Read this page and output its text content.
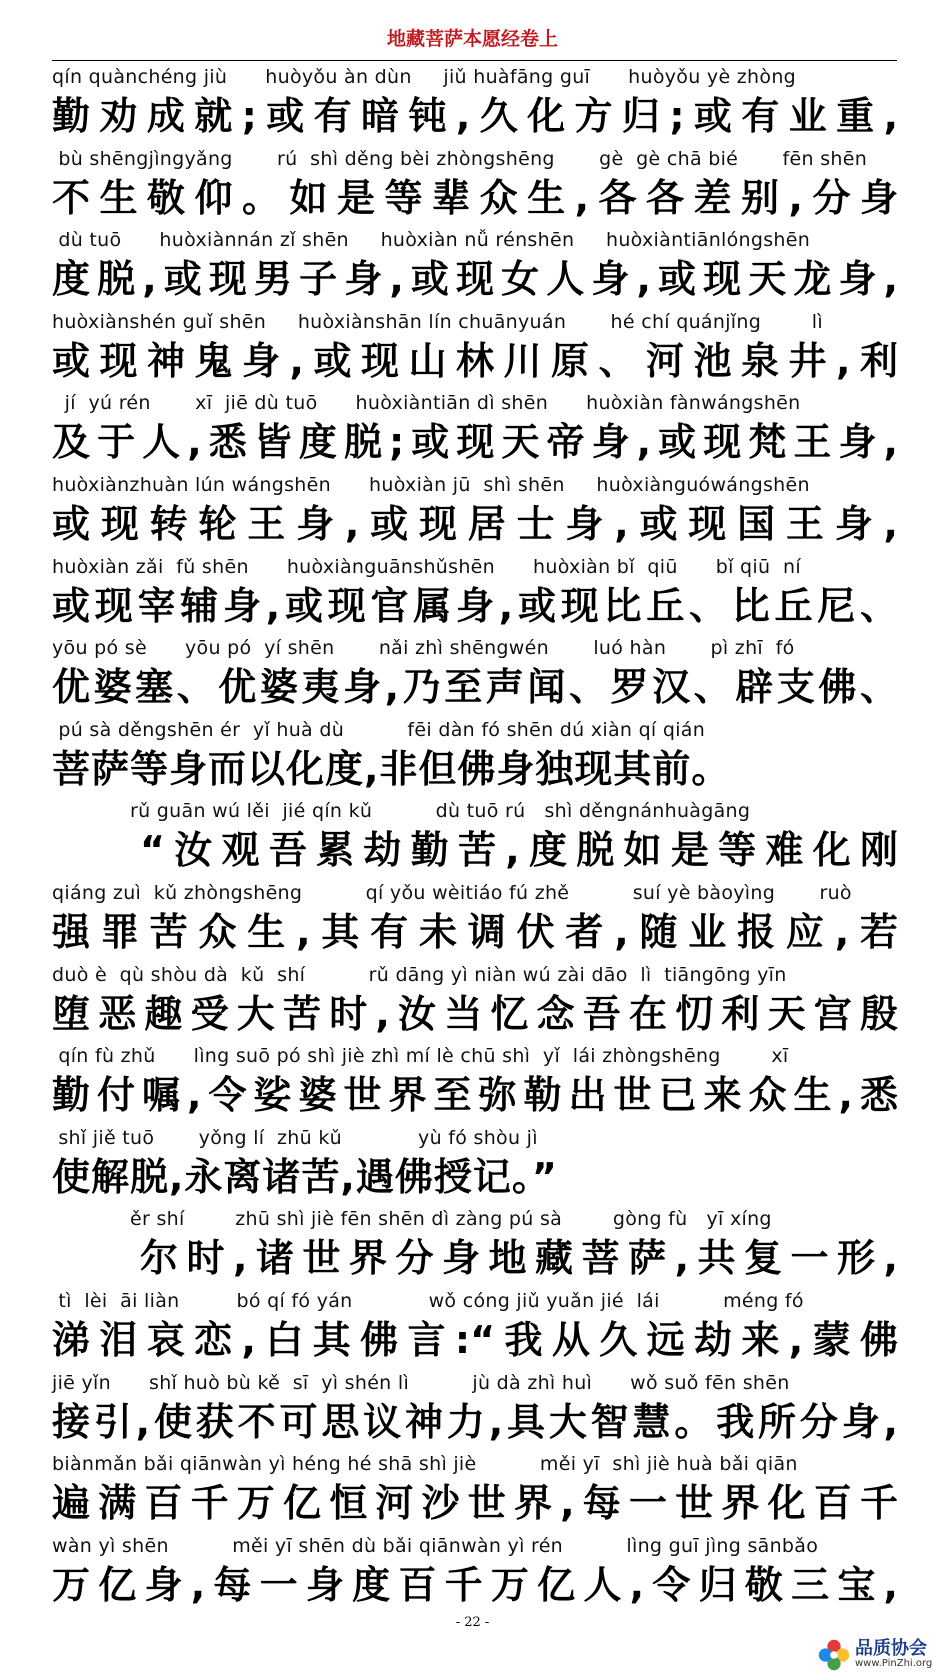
地藏菩萨本愿经卷上
qín quànchéng jiù      huòyǒu àn dùn     jiǔ huàfāng guī      huòyǒu yè zhòng
勤劝成就;或有暗钝,久化方归;或有业重,
bù shēngjìngyǎng       rú  shì děng bèi zhòngshēng       gè  gè chā bié       fēn shēn
不生敬仰。如是等辈众生,各各差别,分身
dù tuō      huòxiànnán zǐ shēn     huòxiàn nǚ rénshēn     huòxiàntiānlóngshēn
度脱,或现男子身,或现女人身,或现天龙身,
huòxiànshén guǐ shēn     huòxiànshān lín chuānyuán       hé chí quánjǐng        lì
或现神鬼身,或现山林川原、河池泉井,利
jí  yú rén       xī  jiē dù tuō      huòxiàntiān dì shēn      huòxiàn fànwángshēn
及于人,悉皆度脱;或现天帝身,或现梵王身,
huòxiànzhuàn lún wángshēn      huòxiàn jū  shì shēn     huòxiànguówángshēn
或现转轮王身,或现居士身,或现国王身,
huòxiàn zǎi  fǔ shēn      huòxiànguānshǔshēn      huòxiàn bǐ  qiū      bǐ qiū  ní
或现宰辅身,或现官属身,或现比丘、比丘尼、
yōu pó sè      yōu pó  yí shēn       nǎi zhì shēngwén       luó hàn       pì zhī  fó
优婆塞、优婆夷身,乃至声闻、罗汉、辟支佛、
pú sà děngshēn ér  yǐ huà dù          fēi dàn fó shēn dú xiàn qí qián
菩萨等身而以化度,非但佛身独现其前。
rǔ guān wú lěi  jié qín kǔ          dù tuō rú   shì děngnánhuàgāng
“汝观吾累劫勤苦,度脱如是等难化刚
qiáng zuì  kǔ zhòngshēng          qí yǒu wèitiáo fú zhě          suí yè bàoyìng       ruò
强罪苦众生,其有未调伏者,随业报应,若
duò è  qù shòu dà  kǔ  shí          rǔ dāng yì niàn wú zài dāo  lì  tiāngōng yīn
堕恶趣受大苦时,汝当忆念吾在忉利天宫殷
qín fù zhǔ      lìng suō pó shì jiè zhì mí lè chū shì  yǐ  lái zhòngshēng        xī
勤付嘱,令娑婆世界至弥勒出世已来众生,悉
shǐ jiě tuō       yǒng lí  zhū kǔ            yù fó shòu jì
使解脱,永离诸苦,遇佛授记。”
ěr shí        zhū shì jiè fēn shēn dì zàng pú sà        gòng fù   yī xíng
尔时,诸世界分身地藏菩萨,共复一形,
tì  lèi  āi liàn         bó qí fó yán            wǒ cóng jiǔ yuǎn jié  lái          méng fó
涕泪哀恋,白其佛言:“我从久远劫来,蒙佛
jiē yǐn      shǐ huò bù kě  sī  yì shén lì          jù dà zhì huì      wǒ suǒ fēn shēn
接引,使获不可思议神力,具大智慧。我所分身,
biànmǎn bǎi qiānwàn yì héng hé shā shì jiè          měi yī  shì jiè huà bǎi qiān
遍满百千万亿恒河沙世界,每一世界化百千
wàn yì shēn          měi yī shēn dù bǎi qiānwàn yì rén          lìng guī jìng sānbǎo
万亿身,每一身度百千万亿人,令归敬三宝,
- 22 -
品质协会
www.PinZhi.org
